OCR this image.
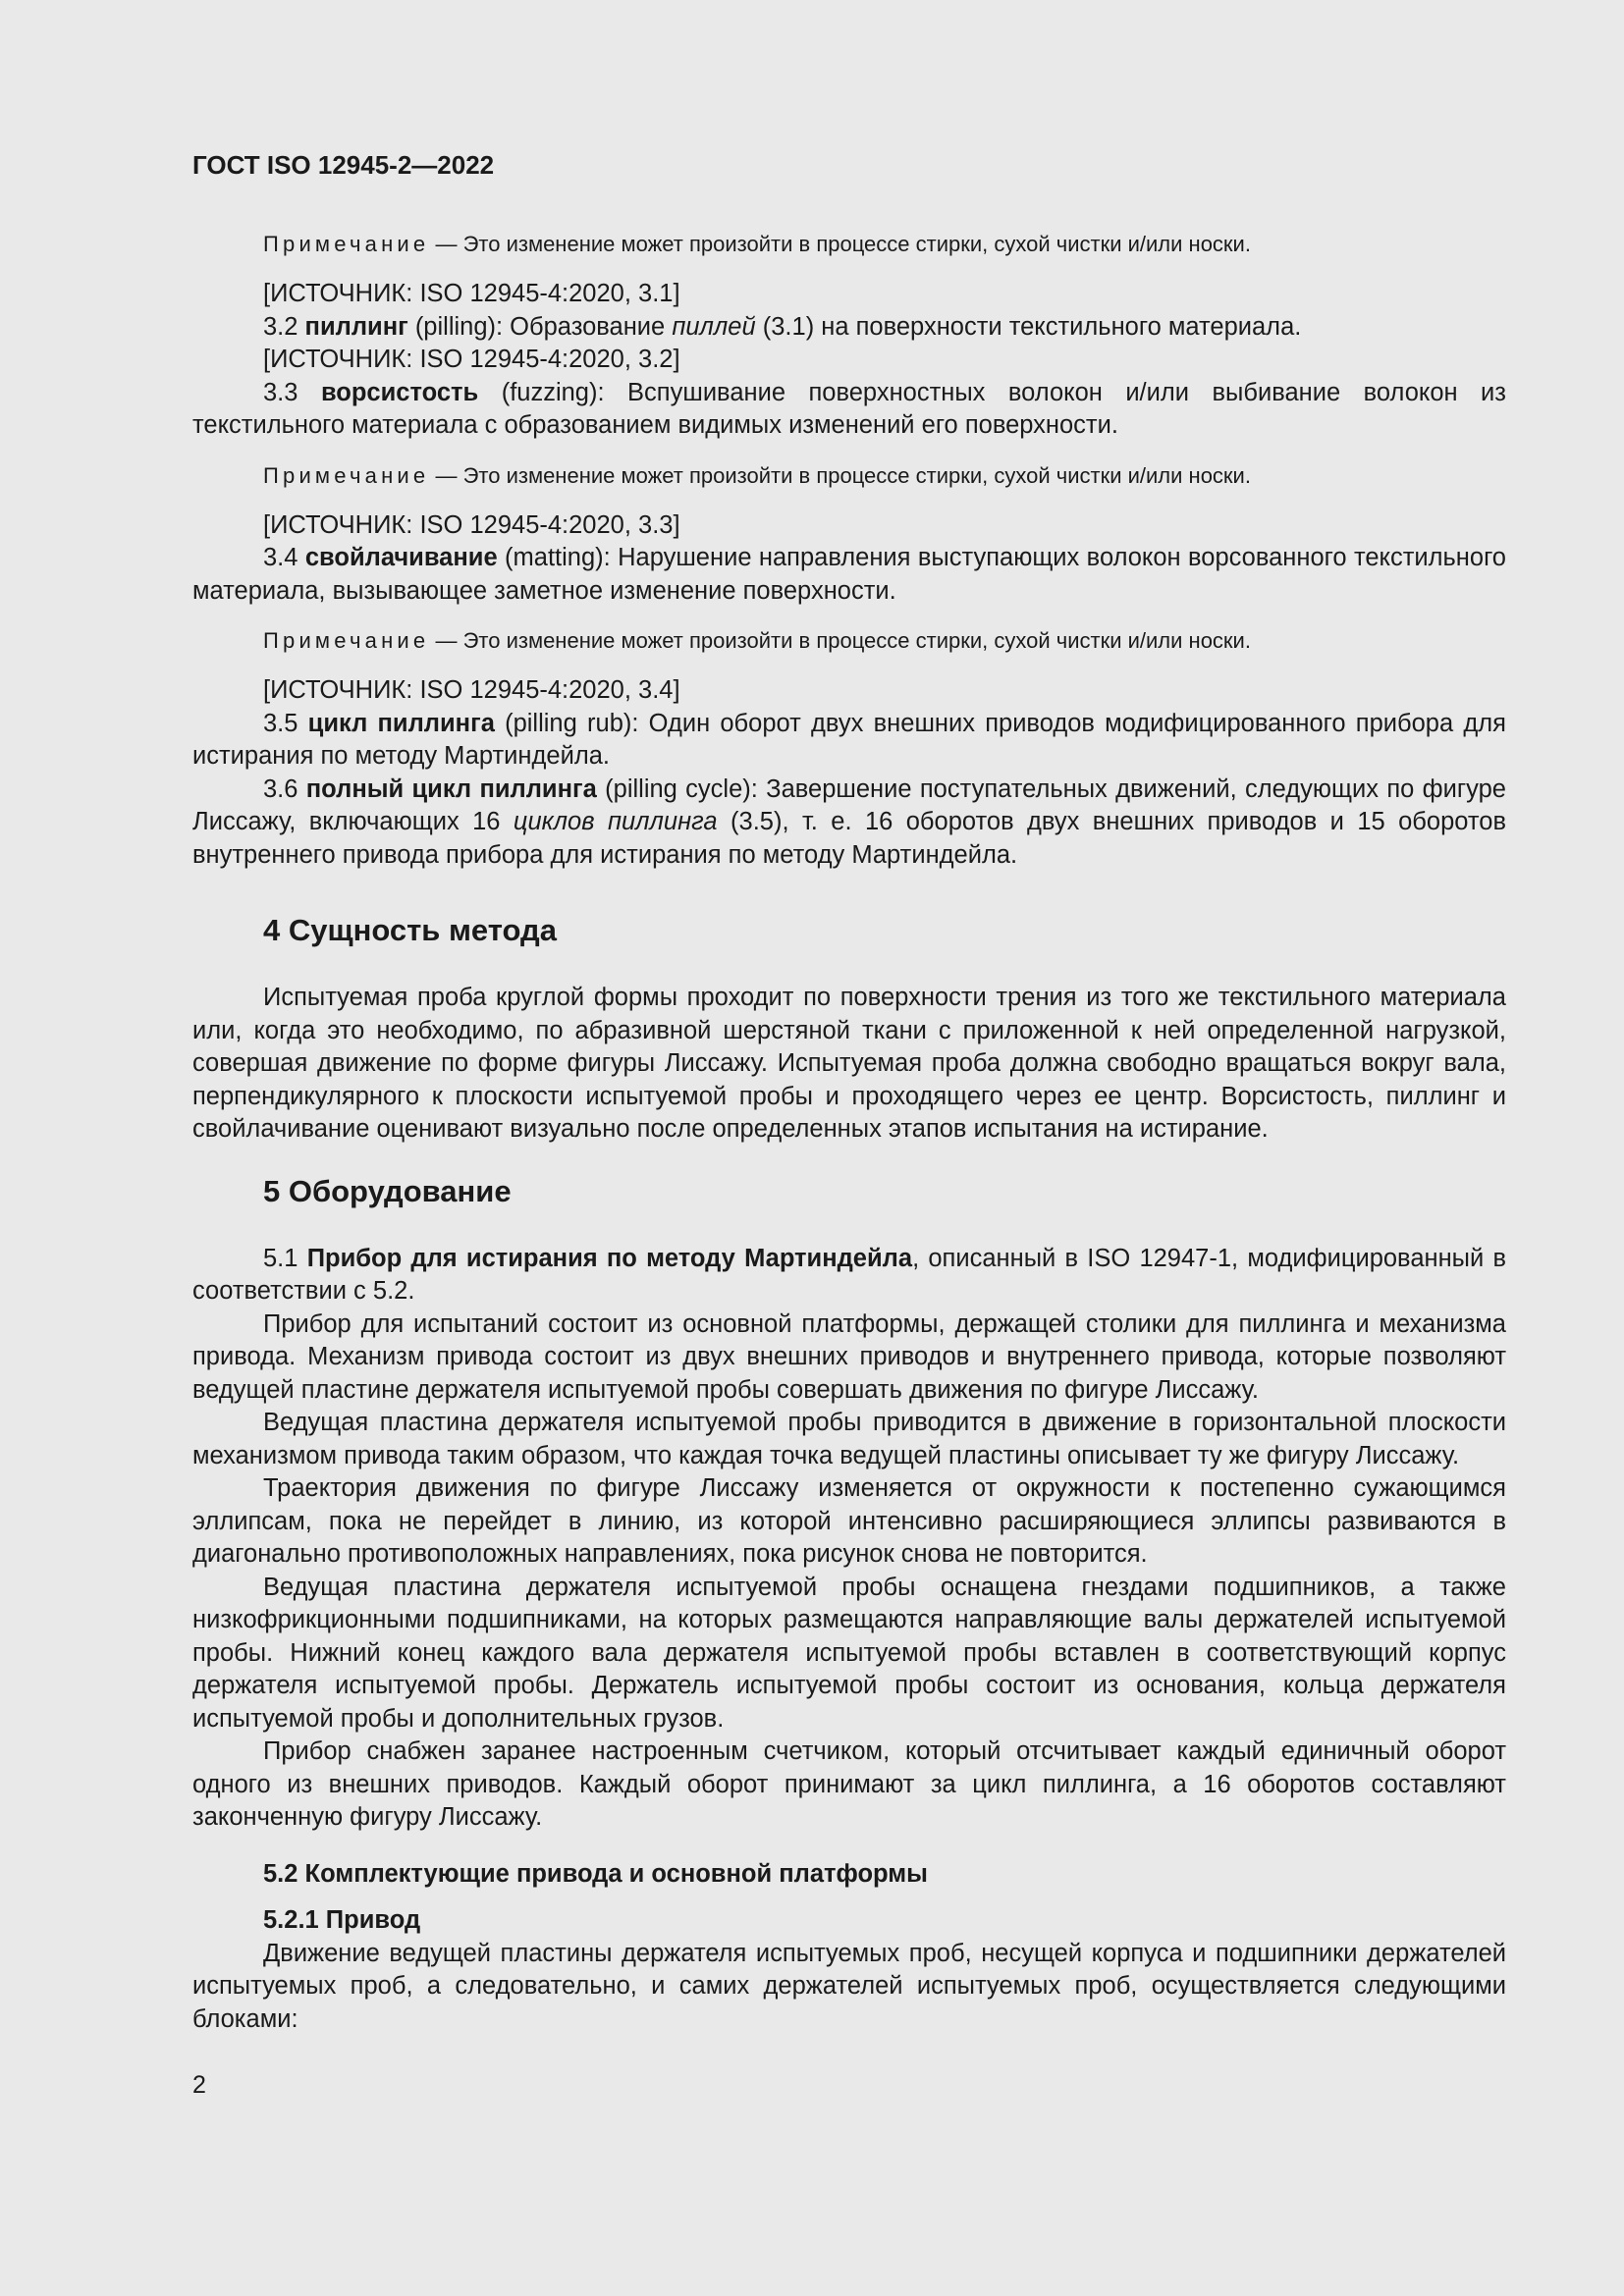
ГОСТ ISO 12945-2—2022
Примечание — Это изменение может произойти в процессе стирки, сухой чистки и/или носки.

[ИСТОЧНИК: ISO 12945-4:2020, 3.1]

3.2 пиллинг (pilling): Образование пиллей (3.1) на поверхности текстильного материала.

[ИСТОЧНИК: ISO 12945-4:2020, 3.2]

3.3 ворсистость (fuzzing): Вспушивание поверхностных волокон и/или выбивание волокон из текстильного материала с образованием видимых изменений его поверхности.

Примечание — Это изменение может произойти в процессе стирки, сухой чистки и/или носки.

[ИСТОЧНИК: ISO 12945-4:2020, 3.3]

3.4 свойлачивание (matting): Нарушение направления выступающих волокон ворсованного текстильного материала, вызывающее заметное изменение поверхности.

Примечание — Это изменение может произойти в процессе стирки, сухой чистки и/или носки.

[ИСТОЧНИК: ISO 12945-4:2020, 3.4]

3.5 цикл пиллинга (pilling rub): Один оборот двух внешних приводов модифицированного прибора для истирания по методу Мартиндейла.

3.6 полный цикл пиллинга (pilling cycle): Завершение поступательных движений, следующих по фигуре Лиссажу, включающих 16 циклов пиллинга (3.5), т. е. 16 оборотов двух внешних приводов и 15 оборотов внутреннего привода прибора для истирания по методу Мартиндейла.

4 Сущность метода

Испытуемая проба круглой формы проходит по поверхности трения из того же текстильного материала или, когда это необходимо, по абразивной шерстяной ткани с приложенной к ней определенной нагрузкой, совершая движение по форме фигуры Лиссажу. Испытуемая проба должна свободно вращаться вокруг вала, перпендикулярного к плоскости испытуемой пробы и проходящего через ее центр. Ворсистость, пиллинг и свойлачивание оценивают визуально после определенных этапов испытания на истирание.

5 Оборудование

5.1 Прибор для истирания по методу Мартиндейла, описанный в ISO 12947-1, модифицированный в соответствии с 5.2.

Прибор для испытаний состоит из основной платформы, держащей столики для пиллинга и механизма привода. Механизм привода состоит из двух внешних приводов и внутреннего привода, которые позволяют ведущей пластине держателя испытуемой пробы совершать движения по фигуре Лиссажу.

Ведущая пластина держателя испытуемой пробы приводится в движение в горизонтальной плоскости механизмом привода таким образом, что каждая точка ведущей пластины описывает ту же фигуру Лиссажу.

Траектория движения по фигуре Лиссажу изменяется от окружности к постепенно сужающимся эллипсам, пока не перейдет в линию, из которой интенсивно расширяющиеся эллипсы развиваются в диагонально противоположных направлениях, пока рисунок снова не повторится.

Ведущая пластина держателя испытуемой пробы оснащена гнездами подшипников, а также низкофрикционными подшипниками, на которых размещаются направляющие валы держателей испытуемой пробы. Нижний конец каждого вала держателя испытуемой пробы вставлен в соответствующий корпус держателя испытуемой пробы. Держатель испытуемой пробы состоит из основания, кольца держателя испытуемой пробы и дополнительных грузов.

Прибор снабжен заранее настроенным счетчиком, который отсчитывает каждый единичный оборот одного из внешних приводов. Каждый оборот принимают за цикл пиллинга, а 16 оборотов составляют законченную фигуру Лиссажу.

5.2 Комплектующие привода и основной платформы
5.2.1 Привод

Движение ведущей пластины держателя испытуемых проб, несущей корпуса и подшипники держателей испытуемых проб, а следовательно, и самих держателей испытуемых проб, осуществляется следующими блоками:

2
